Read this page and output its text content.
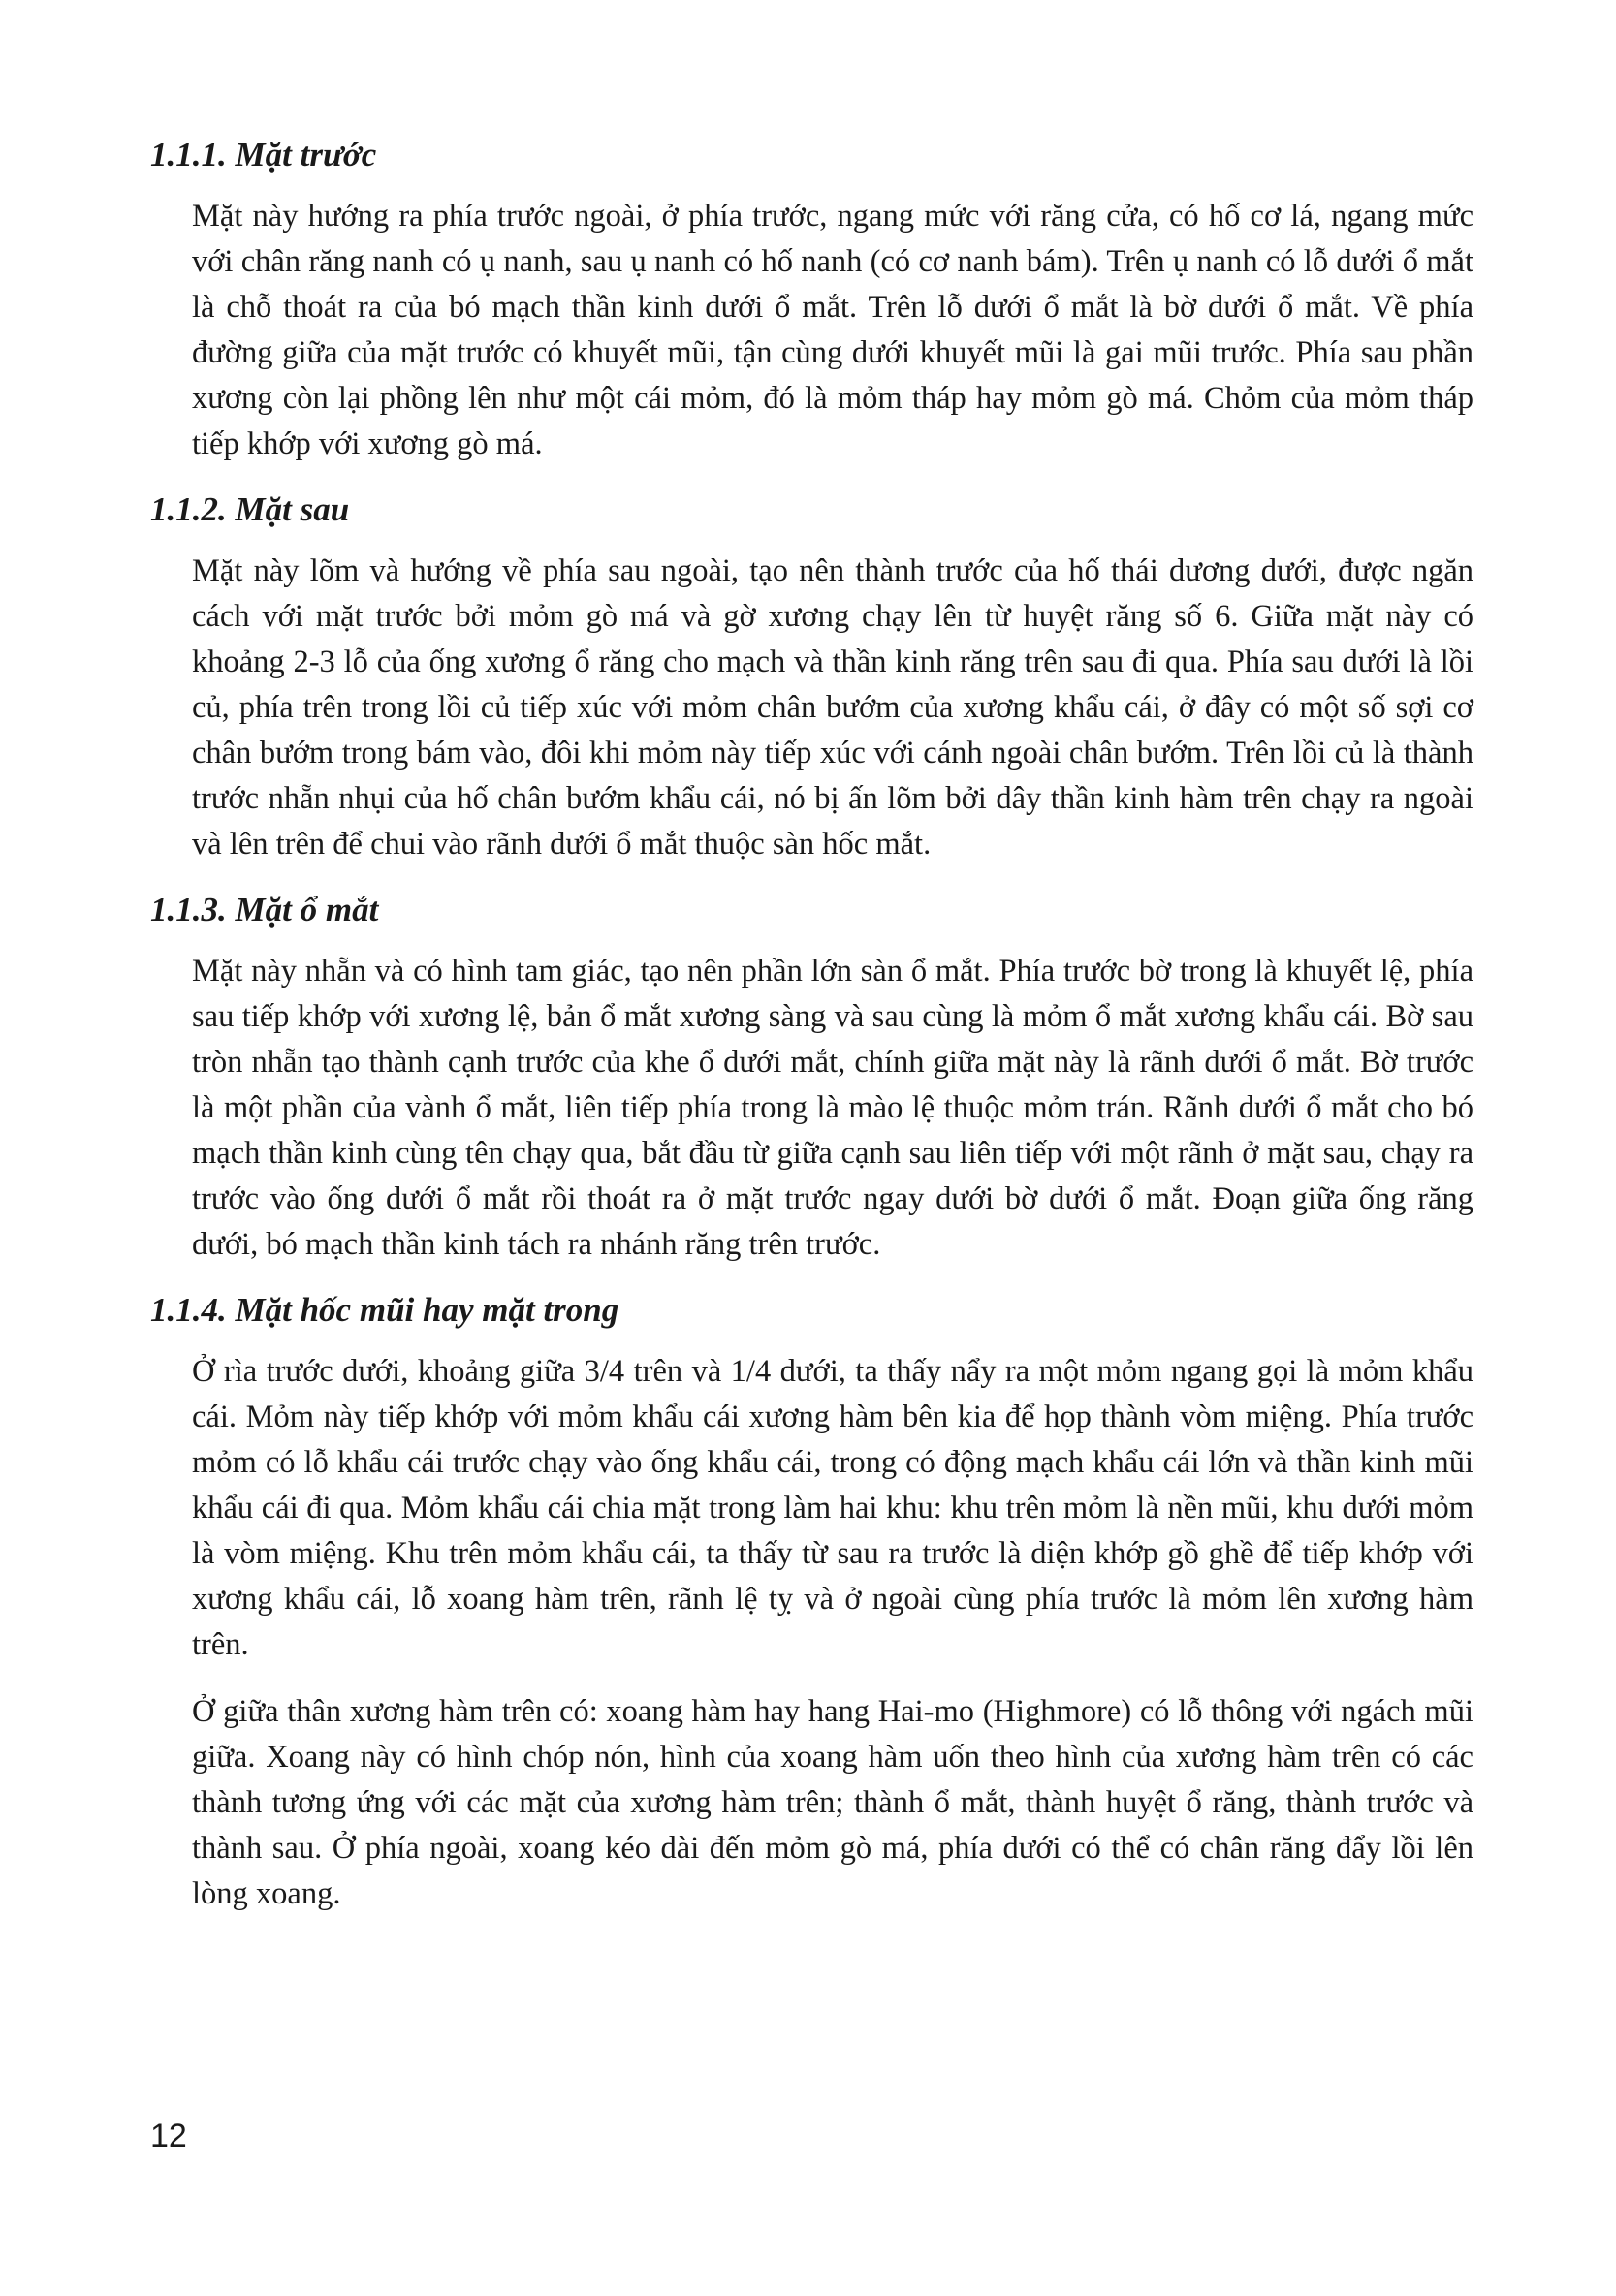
1.1.1. Mặt trước

Mặt này hướng ra phía trước ngoài, ở phía trước, ngang mức với răng cửa, có hố cơ lá, ngang mức với chân răng nanh có ụ nanh, sau ụ nanh có hố nanh (có cơ nanh bám). Trên ụ nanh có lỗ dưới ổ mắt là chỗ thoát ra của bó mạch thần kinh dưới ổ mắt. Trên lỗ dưới ổ mắt là bờ dưới ổ mắt. Về phía đường giữa của mặt trước có khuyết mũi, tận cùng dưới khuyết mũi là gai mũi trước. Phía sau phần xương còn lại phồng lên như một cái mỏm, đó là mỏm tháp hay mỏm gò má. Chỏm của mỏm tháp tiếp khớp với xương gò má.

1.1.2. Mặt sau

Mặt này lõm và hướng về phía sau ngoài, tạo nên thành trước của hố thái dương dưới, được ngăn cách với mặt trước bởi mỏm gò má và gờ xương chạy lên từ huyệt răng số 6. Giữa mặt này có khoảng 2-3 lỗ của ống xương ổ răng cho mạch và thần kinh răng trên sau đi qua. Phía sau dưới là lồi củ, phía trên trong lồi củ tiếp xúc với mỏm chân bướm của xương khẩu cái, ở đây có một số sợi cơ chân bướm trong bám vào, đôi khi mỏm này tiếp xúc với cánh ngoài chân bướm. Trên lồi củ là thành trước nhẵn nhụi của hố chân bướm khẩu cái, nó bị ấn lõm bởi dây thần kinh hàm trên chạy ra ngoài và lên trên để chui vào rãnh dưới ổ mắt thuộc sàn hốc mắt.

1.1.3. Mặt ổ mắt

Mặt này nhẵn và có hình tam giác, tạo nên phần lớn sàn ổ mắt. Phía trước bờ trong là khuyết lệ, phía sau tiếp khớp với xương lệ, bản ổ mắt xương sàng và sau cùng là mỏm ổ mắt xương khẩu cái. Bờ sau tròn nhẵn tạo thành cạnh trước của khe ổ dưới mắt, chính giữa mặt này là rãnh dưới ổ mắt. Bờ trước là một phần của vành ổ mắt, liên tiếp phía trong là mào lệ thuộc mỏm trán. Rãnh dưới ổ mắt cho bó mạch thần kinh cùng tên chạy qua, bắt đầu từ giữa cạnh sau liên tiếp với một rãnh ở mặt sau, chạy ra trước vào ống dưới ổ mắt rồi thoát ra ở mặt trước ngay dưới bờ dưới ổ mắt. Đoạn giữa ống răng dưới, bó mạch thần kinh tách ra nhánh răng trên trước.

1.1.4. Mặt hốc mũi hay mặt trong

Ở rìa trước dưới, khoảng giữa 3/4 trên và 1/4 dưới, ta thấy nẩy ra một mỏm ngang gọi là mỏm khẩu cái. Mỏm này tiếp khớp với mỏm khẩu cái xương hàm bên kia để họp thành vòm miệng. Phía trước mỏm có lỗ khẩu cái trước chạy vào ống khẩu cái, trong có động mạch khẩu cái lớn và thần kinh mũi khẩu cái đi qua. Mỏm khẩu cái chia mặt trong làm hai khu: khu trên mỏm là nền mũi, khu dưới mỏm là vòm miệng. Khu trên mỏm khẩu cái, ta thấy từ sau ra trước là diện khớp gồ ghề để tiếp khớp với xương khẩu cái, lỗ xoang hàm trên, rãnh lệ tỵ và ở ngoài cùng phía trước là mỏm lên xương hàm trên.

Ở giữa thân xương hàm trên có: xoang hàm hay hang Hai-mo (Highmore) có lỗ thông với ngách mũi giữa. Xoang này có hình chóp nón, hình của xoang hàm uốn theo hình của xương hàm trên có các thành tương ứng với các mặt của xương hàm trên; thành ổ mắt, thành huyệt ổ răng, thành trước và thành sau. Ở phía ngoài, xoang kéo dài đến mỏm gò má, phía dưới có thể có chân răng đẩy lồi lên lòng xoang.

12
